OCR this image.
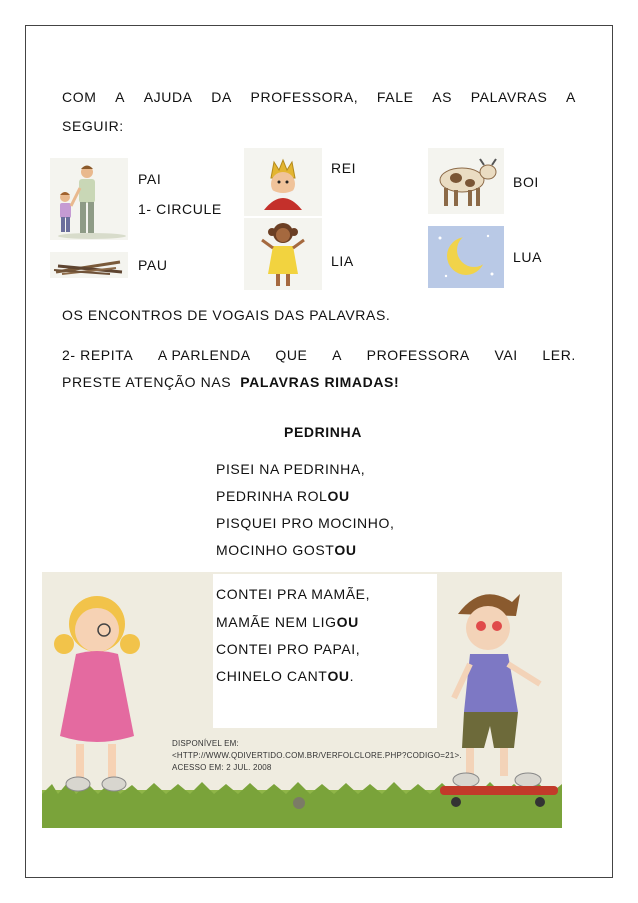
COM A AJUDA DA PROFESSORA, FALE AS PALAVRAS A
SEGUIR:
PAI
1- CIRCULE
PAU
REI
LIA
BOI
LUA
OS ENCONTROS DE VOGAIS DAS PALAVRAS.
2- REPITA A PARLENDA QUE A PROFESSORA VAI LER.
PRESTE ATENÇÃO NAS PALAVRAS RIMADAS!
PEDRINHA
PISEI NA PEDRINHA,
PEDRINHA ROLOU
PISQUEI PRO MOCINHO,
MOCINHO GOSTOU
CONTEI PRA MAMÃE,
MAMÃE NEM LIGOU
CONTEI PRO PAPAI,
CHINELO CANTOU.
DISPONÍVEL EM:
<HTTP://WWW.QDIVERTIDO.COM.BR/VERFOLCLORE.PHP?CODIGO=21>.
ACESSO EM: 2 JUL. 2008
